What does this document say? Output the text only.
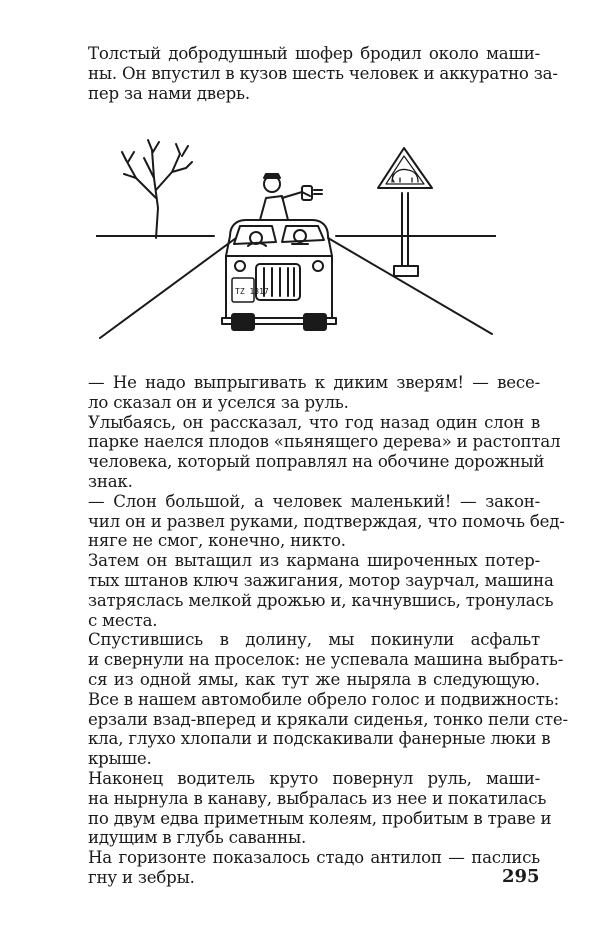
Толстый добродушный шофер бродил около маши-
ны. Он впустил в кузов шесть человек и аккуратно за-
пер за нами дверь.
TZ 1317
— Не надо выпрыгивать к диким зверям! — весе-
ло сказал он и уселся за руль.
Улыбаясь, он рассказал, что год назад один слон в
парке наелся плодов «пьянящего дерева» и растоптал
человека, который поправлял на обочине дорожный
знак.
— Слон большой, а человек маленький! — закон-
чил он и развел руками, подтверждая, что помочь бед-
няге не смог, конечно, никто.
Затем он вытащил из кармана широченных потер-
тых штанов ключ зажигания, мотор заурчал, машина
затряслась мелкой дрожью и, качнувшись, тронулась
с места.
Спустившись в долину, мы покинули асфальт
и свернули на проселок: не успевала машина выбрать-
ся из одной ямы, как тут же ныряла в следующую.
Все в нашем автомобиле обрело голос и подвижность:
ерзали взад-вперед и крякали сиденья, тонко пели сте-
кла, глухо хлопали и подскакивали фанерные люки в
крыше.
Наконец водитель круто повернул руль, маши-
на нырнула в канаву, выбралась из нее и покатилась
по двум едва приметным колеям, пробитым в траве и
идущим в глубь саванны.
На горизонте показалось стадо антилоп — паслись
гну и зебры.	295
